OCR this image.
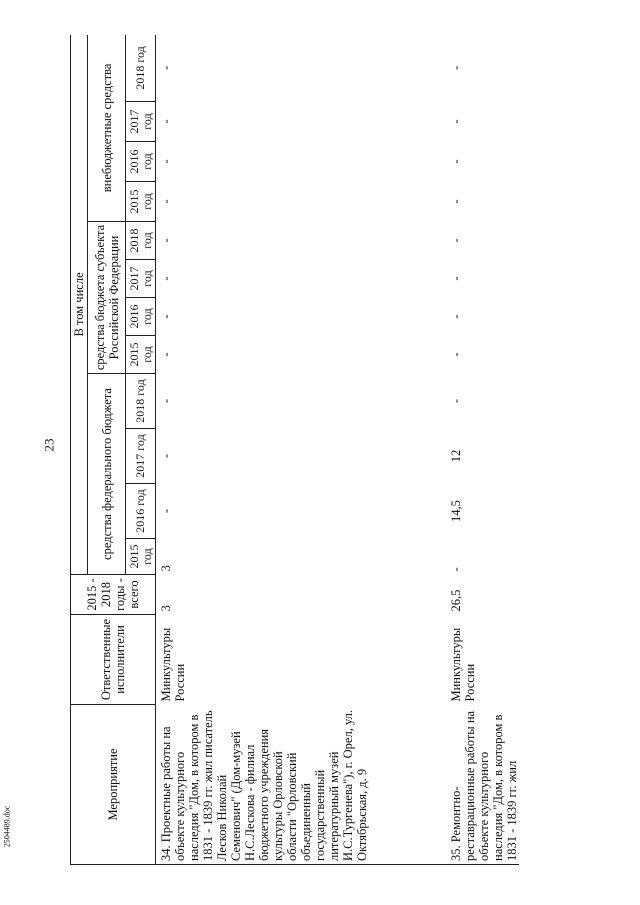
23
2504489.doc
Мероприятие	Ответственные исполнители	2015 - 2018 годы - всего	В том числе											
			средства федерального бюджета				средства бюджета субъекта Российской Федерации				внебюджетные средства			

			2015 год	2016 год	2017 год	2018 год	2015 год	2016 год	2017 год	2018 год	2015 год	2016 год	2017 год	2018 год
34. Проектные работы на объекте культурного наследия "Дом, в котором в 1831 - 1839 гг. жил писатель Лесков Николай Семенович" (Дом-музей Н.С.Лескова - филиал бюджетного учреждения культуры Орловской области "Орловский объединенный государственный литературный музей И.С.Тургенева"), г. Орел, ул. Октябрьская, д. 9	Минкультуры России	3	3	-	-	-	-	-	-	-	-	-	-	-
35. Ремонтно-реставрационные работы на объекте культурного наследия "Дом, в котором в 1831 - 1839 гг. жил	Минкультуры России	26,5	-	14,5	12	-	-	-	-	-	-	-	-	-
